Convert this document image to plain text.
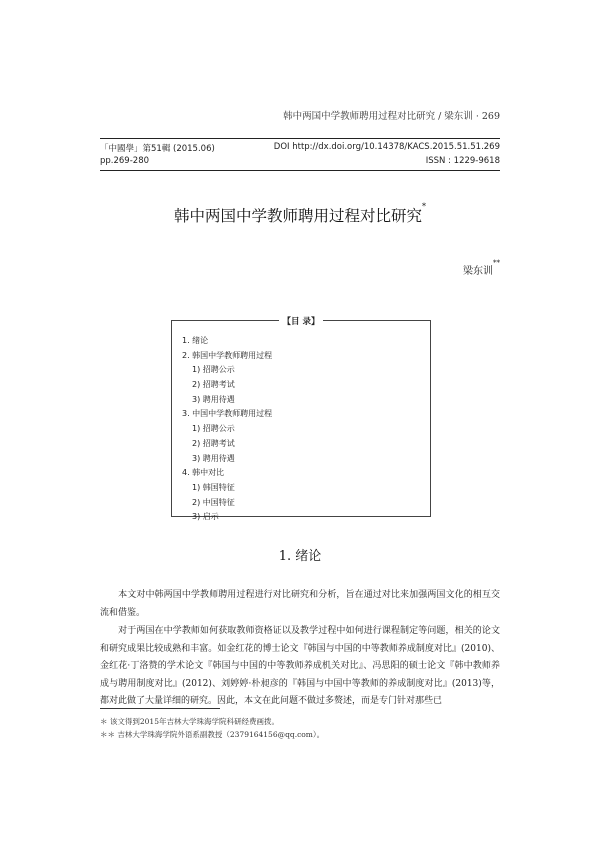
韩中两国中学教师聘用过程对比研究 / 梁东训 · 269
「中國學」第51輯 (2015.06)
pp.269-280
DOI http://dx.doi.org/10.14378/KACS.2015.51.51.269
ISSN : 1229-9618
韩中两国中学教师聘用过程对比研究*
梁东训**
【目 录】
1. 绪论
2. 韩国中学教师聘用过程
1) 招聘公示
2) 招聘考试
3) 聘用待遇
3. 中国中学教师聘用过程
1) 招聘公示
2) 招聘考试
3) 聘用待遇
4. 韩中对比
1) 韩国特征
2) 中国特征
3) 启示
1. 绪论
　　本文对中韩两国中学教师聘用过程进行对比研究和分析，旨在通过对比来加强两国文化的相互交流和借鉴。
　　对于两国在中学教师如何获取教师资格证以及教学过程中如何进行课程制定等问题，相关的论文和研究成果比较成熟和丰富。如金红花的博士论文『韩国与中国的中等教师养成制度对比』(2010)、金红花·丁洛赞的学术论文『韩国与中国的中等教师养成机关对比』、冯思阳的硕士论文『韩中教师养成与聘用制度对比』(2012)、刘婷婷·朴昶彦的『韩国与中国中等教师的养成制度对比』(2013)等，都对此做了大量详细的研究。因此，本文在此问题不做过多赘述，而是专门针对那些已
＊ 该文得到2015年吉林大学珠海学院科研经费画拨。
＊＊ 吉林大学珠海学院外语系副教授（2379164156@qq.com）。
